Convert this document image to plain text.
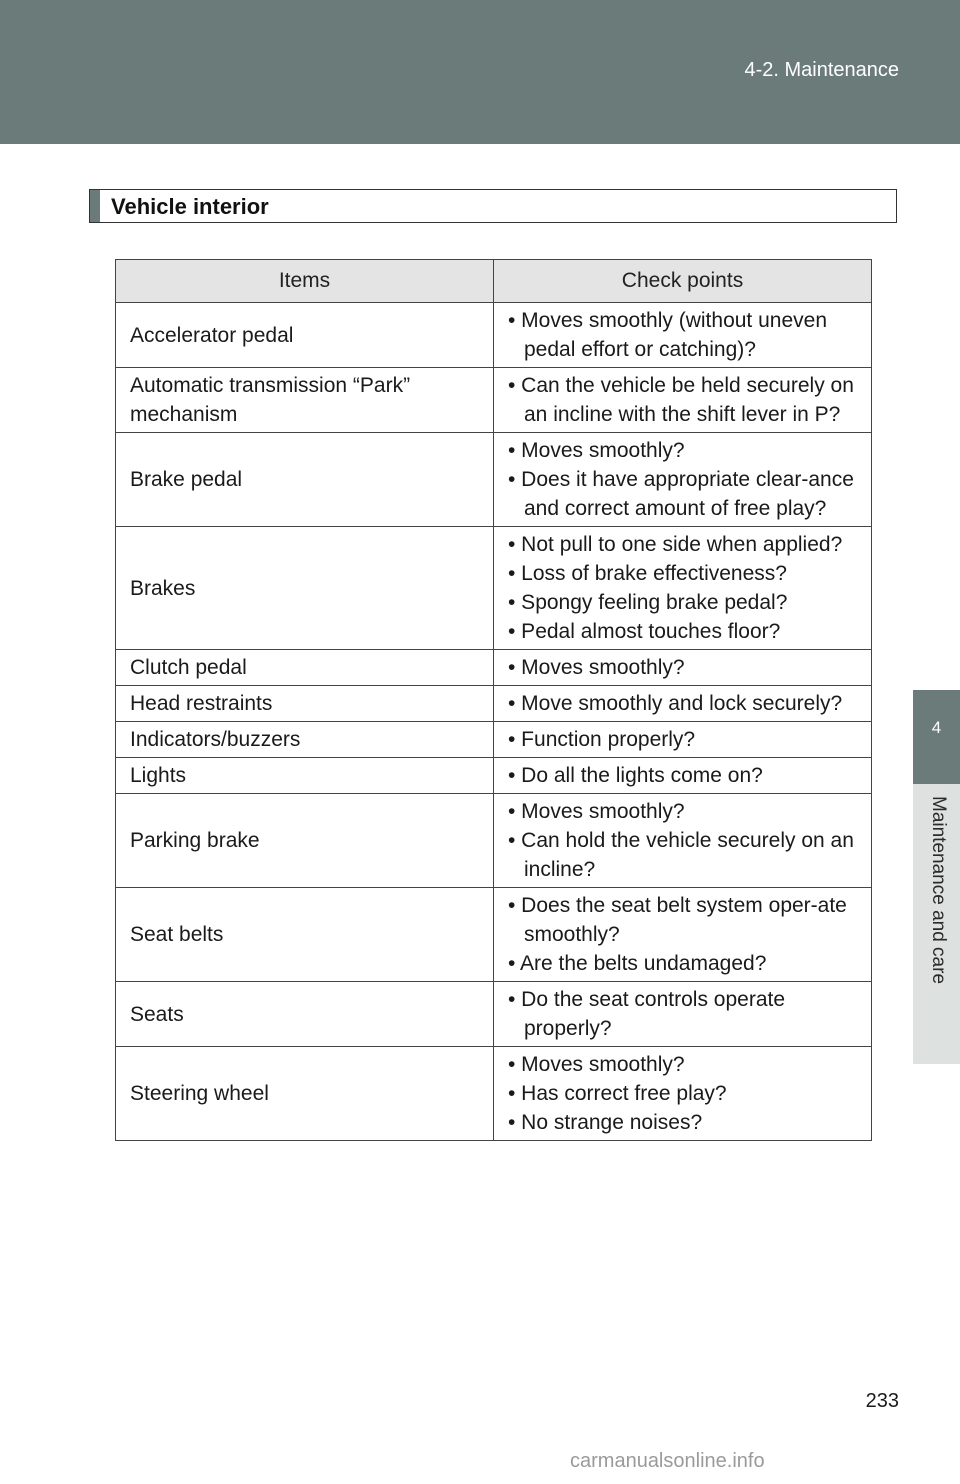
4-2. Maintenance
4
Maintenance and care
Vehicle interior
Items	Check points
Accelerator pedal	• Moves smoothly (without uneven pedal effort or catching)?

Automatic transmission “Park” mechanism	• Can the vehicle be held securely on an incline with the shift lever in P?

Brake pedal	• Moves smoothly?
• Does it have appropriate clear-ance and correct amount of free play?

Brakes	• Not pull to one side when applied?
• Loss of brake effectiveness?
• Spongy feeling brake pedal?
• Pedal almost touches floor?

Clutch pedal	• Moves smoothly?

Head restraints	• Move smoothly and lock securely?

Indicators/buzzers	• Function properly?

Lights	• Do all the lights come on?

Parking brake	• Moves smoothly?
• Can hold the vehicle securely on an incline?

Seat belts	• Does the seat belt system oper-ate smoothly?
• Are the belts undamaged?

Seats	• Do the seat controls operate properly?

Steering wheel	• Moves smoothly?
• Has correct free play?
• No strange noises?
233
carmanualsonline.info
